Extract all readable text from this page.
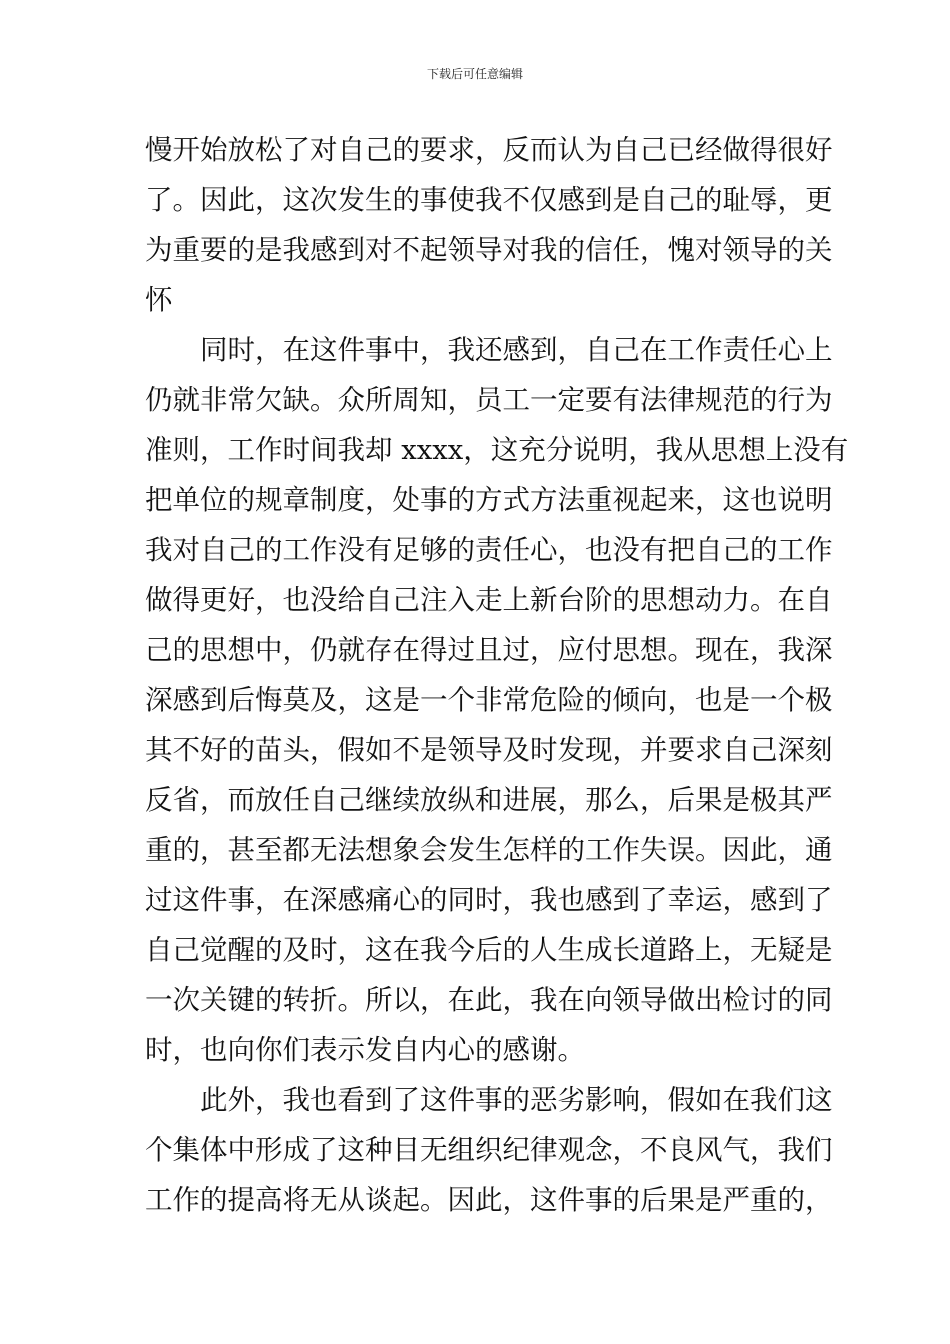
下载后可任意编辑
慢开始放松了对自己的要求，反而认为自己已经做得很好
了。因此，这次发生的事使我不仅感到是自己的耻辱，更
为重要的是我感到对不起领导对我的信任，愧对领导的关
怀
同时，在这件事中，我还感到，自己在工作责任心上
仍就非常欠缺。众所周知，员工一定要有法律规范的行为
准则，工作时间我却 xxxx，这充分说明，我从思想上没有
把单位的规章制度，处事的方式方法重视起来，这也说明
我对自己的工作没有足够的责任心，也没有把自己的工作
做得更好，也没给自己注入走上新台阶的思想动力。在自
己的思想中，仍就存在得过且过，应付思想。现在，我深
深感到后悔莫及，这是一个非常危险的倾向，也是一个极
其不好的苗头，假如不是领导及时发现，并要求自己深刻
反省，而放任自己继续放纵和进展，那么，后果是极其严
重的，甚至都无法想象会发生怎样的工作失误。因此，通
过这件事，在深感痛心的同时，我也感到了幸运，感到了
自己觉醒的及时，这在我今后的人生成长道路上，无疑是
一次关键的转折。所以，在此，我在向领导做出检讨的同
时，也向你们表示发自内心的感谢。
此外，我也看到了这件事的恶劣影响，假如在我们这
个集体中形成了这种目无组织纪律观念，不良风气，我们
工作的提高将无从谈起。因此，这件事的后果是严重的，
